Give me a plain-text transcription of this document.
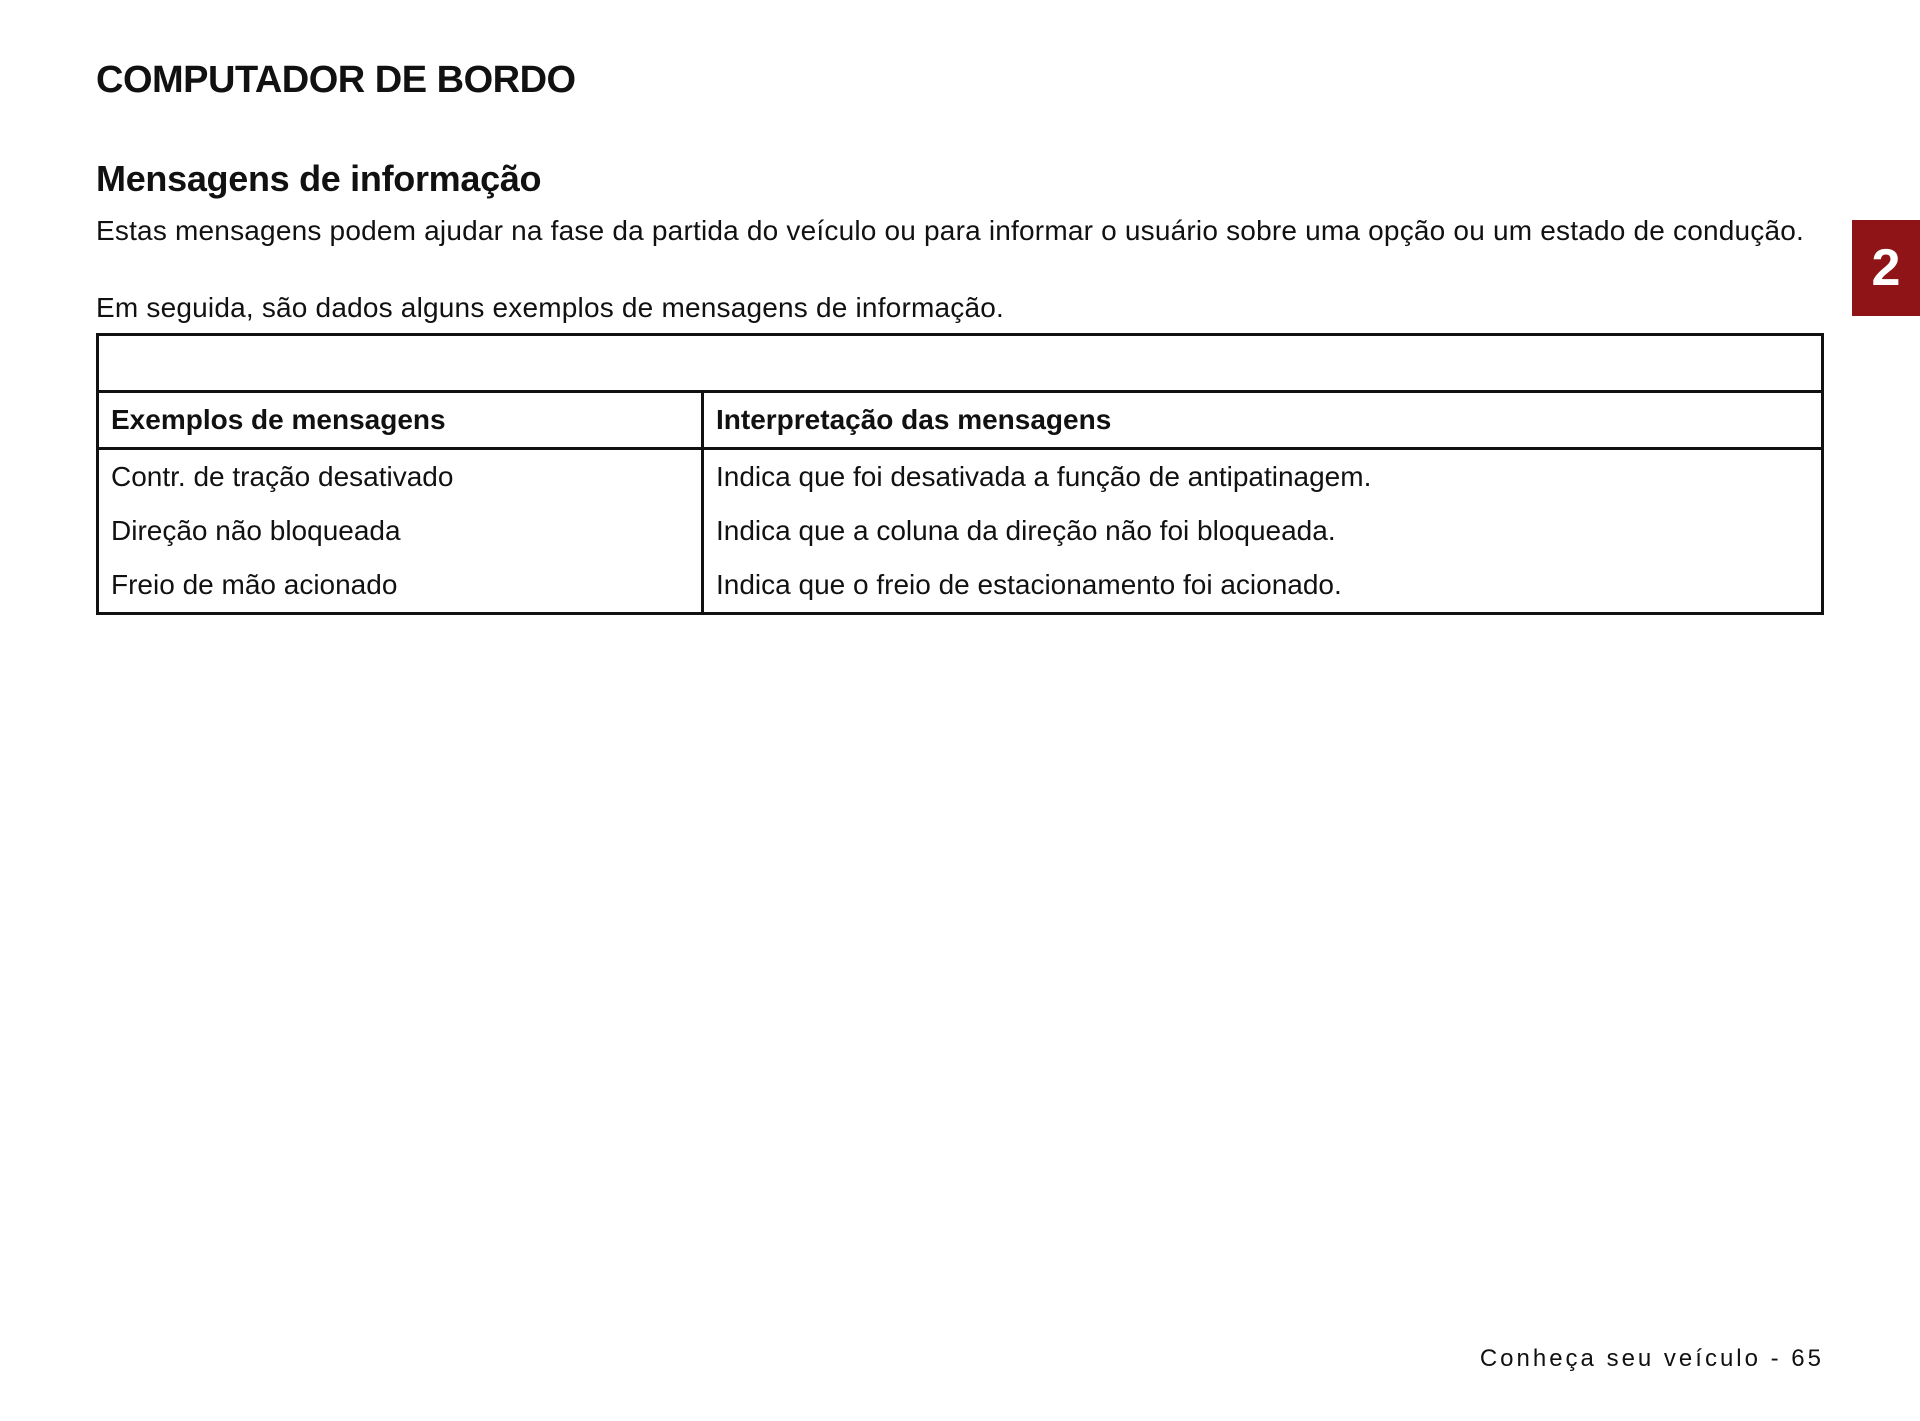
COMPUTADOR DE BORDO
Mensagens de informação

Estas mensagens podem ajudar na fase da partida do veículo ou para informar o usuário sobre uma opção ou um estado de condução.

Em seguida, são dados alguns exemplos de mensagens de informação.

Exemplos de mensagens	Interpretação das mensagens
Contr. de tração desativado	Indica que foi desativada a função de antipatinagem.
Direção não bloqueada	Indica que a coluna da direção não foi bloqueada.
Freio de mão acionado	Indica que o freio de estacionamento foi acionado.
2

Conheça seu veículo - 65
